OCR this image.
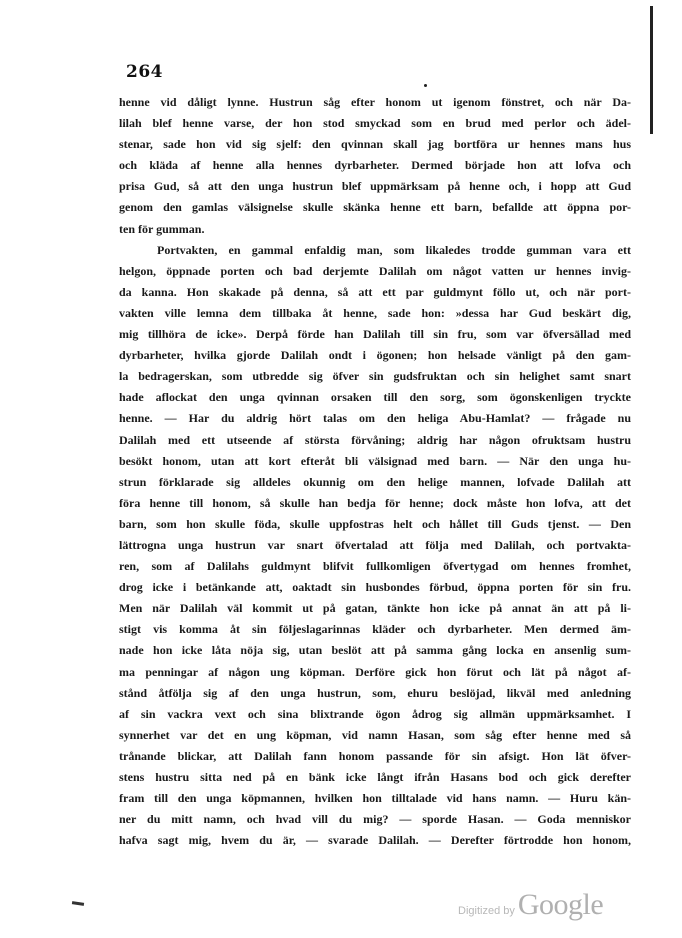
264
henne vid dåligt lynne. Hustrun såg efter honom ut igenom fönstret, och när Da-
lilah blef henne varse, der hon stod smyckad som en brud med perlor och ädel-
stenar, sade hon vid sig sjelf: den qvinnan skall jag bortföra ur hennes mans hus
och kläda af henne alla hennes dyrbarheter. Dermed började hon att lofva och
prisa Gud, så att den unga hustrun blef uppmärksam på henne och, i hopp att Gud
genom den gamlas välsignelse skulle skänka henne ett barn, befallde att öppna por-
ten för gumman.
Portvakten, en gammal enfaldig man, som likaledes trodde gumman vara ett
helgon, öppnade porten och bad derjemte Dalilah om något vatten ur hennes invig-
da kanna. Hon skakade på denna, så att ett par guldmynt föllo ut, och när port-
vakten ville lemna dem tillbaka åt henne, sade hon: »dessa har Gud beskärt dig,
mig tillhöra de icke». Derpå förde han Dalilah till sin fru, som var öfversällad med
dyrbarheter, hvilka gjorde Dalilah ondt i ögonen; hon helsade vänligt på den gam-
la bedragerskan, som utbredde sig öfver sin gudsfruktan och sin helighet samt snart
hade aflockat den unga qvinnan orsaken till den sorg, som ögonskenligen tryckte
henne. — Har du aldrig hört talas om den heliga Abu-Hamlat? — frågade nu
Dalilah med ett utseende af största förvåning; aldrig har någon ofruktsam hustru
besökt honom, utan att kort efteråt bli välsignad med barn. — När den unga hu-
strun förklarade sig alldeles okunnig om den helige mannen, lofvade Dalilah att
föra henne till honom, så skulle han bedja för henne; dock måste hon lofva, att det
barn, som hon skulle föda, skulle uppfostras helt och hållet till Guds tjenst. — Den
lättrogna unga hustrun var snart öfvertalad att följa med Dalilah, och portvakta-
ren, som af Dalilahs guldmynt blifvit fullkomligen öfvertygad om hennes fromhet,
drog icke i betänkande att, oaktadt sin husbondes förbud, öppna porten för sin fru.
Men när Dalilah väl kommit ut på gatan, tänkte hon icke på annat än att på li-
stigt vis komma åt sin följeslagarinnas kläder och dyrbarheter. Men dermed äm-
nade hon icke låta nöja sig, utan beslöt att på samma gång locka en ansenlig sum-
ma penningar af någon ung köpman. Derföre gick hon förut och lät på något af-
stånd åtfölja sig af den unga hustrun, som, ehuru beslöjad, likväl med anledning
af sin vackra vext och sina blixtrande ögon ådrog sig allmän uppmärksamhet. I
synnerhet var det en ung köpman, vid namn Hasan, som såg efter henne med så
trånande blickar, att Dalilah fann honom passande för sin afsigt. Hon lät öfver-
stens hustru sitta ned på en bänk icke långt ifrån Hasans bod och gick derefter
fram till den unga köpmannen, hvilken hon tilltalade vid hans namn. — Huru kän-
ner du mitt namn, och hvad vill du mig? — sporde Hasan. — Goda menniskor
hafva sagt mig, hvem du är, — svarade Dalilah. — Derefter förtrodde hon honom,
Digitized by Google
